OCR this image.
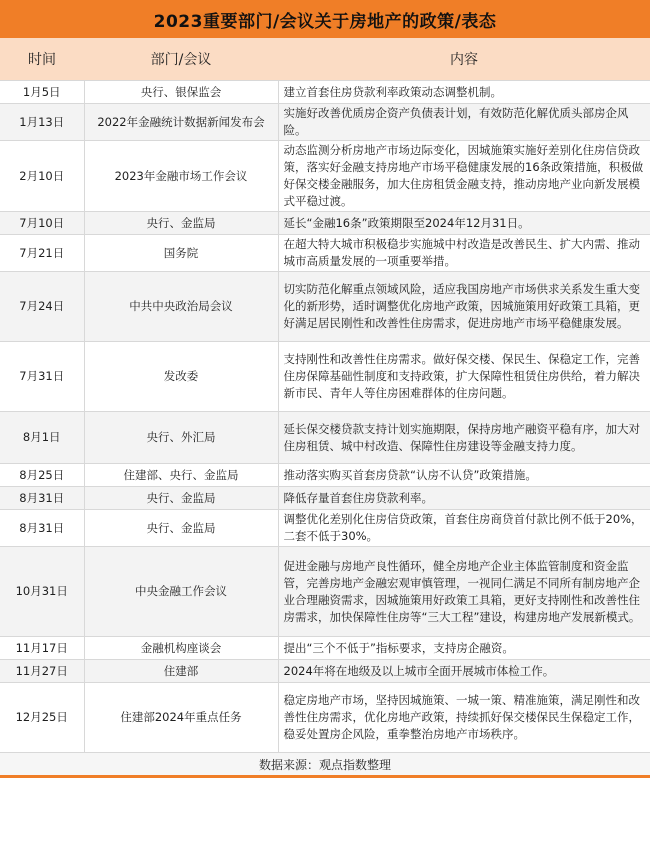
2023重要部门/会议关于房地产的政策/表态
时间	部门/会议	内容
1月5日	央行、银保监会	建立首套住房贷款利率政策动态调整机制。
1月13日	2022年金融统计数据新闻发布会	实施好改善优质房企资产负债表计划，有效防范化解优质头部房企风险。
2月10日	2023年金融市场工作会议	动态监测分析房地产市场边际变化，因城施策实施好差别化住房信贷政策，落实好金融支持房地产市场平稳健康发展的16条政策措施，积极做好保交楼金融服务，加大住房租赁金融支持，推动房地产业向新发展模式平稳过渡。
7月10日	央行、金监局	延长“金融16条”政策期限至2024年12月31日。
7月21日	国务院	在超大特大城市积极稳步实施城中村改造是改善民生、扩大内需、推动城市高质量发展的一项重要举措。
7月24日	中共中央政治局会议	切实防范化解重点领域风险，适应我国房地产市场供求关系发生重大变化的新形势，适时调整优化房地产政策，因城施策用好政策工具箱，更好满足居民刚性和改善性住房需求，促进房地产市场平稳健康发展。
7月31日	发改委	支持刚性和改善性住房需求。做好保交楼、保民生、保稳定工作，完善住房保障基础性制度和支持政策，扩大保障性租赁住房供给，着力解决新市民、青年人等住房困难群体的住房问题。
8月1日	央行、外汇局	延长保交楼贷款支持计划实施期限，保持房地产融资平稳有序，加大对住房租赁、城中村改造、保障性住房建设等金融支持力度。
8月25日	住建部、央行、金监局	推动落实购买首套房贷款“认房不认贷”政策措施。
8月31日	央行、金监局	降低存量首套住房贷款利率。
8月31日	央行、金监局	调整优化差别化住房信贷政策，首套住房商贷首付款比例不低于20%，二套不低于30%。
10月31日	中央金融工作会议	促进金融与房地产良性循环，健全房地产企业主体监管制度和资金监管，完善房地产金融宏观审慎管理，一视同仁满足不同所有制房地产企业合理融资需求，因城施策用好政策工具箱，更好支持刚性和改善性住房需求，加快保障性住房等“三大工程”建设，构建房地产发展新模式。
11月17日	金融机构座谈会	提出“三个不低于”指标要求，支持房企融资。
11月27日	住建部	2024年将在地级及以上城市全面开展城市体检工作。
12月25日	住建部2024年重点任务	稳定房地产市场，坚持因城施策、一城一策、精准施策，满足刚性和改善性住房需求，优化房地产政策，持续抓好保交楼保民生保稳定工作，稳妥处置房企风险，重拳整治房地产市场秩序。
数据来源：观点指数整理
